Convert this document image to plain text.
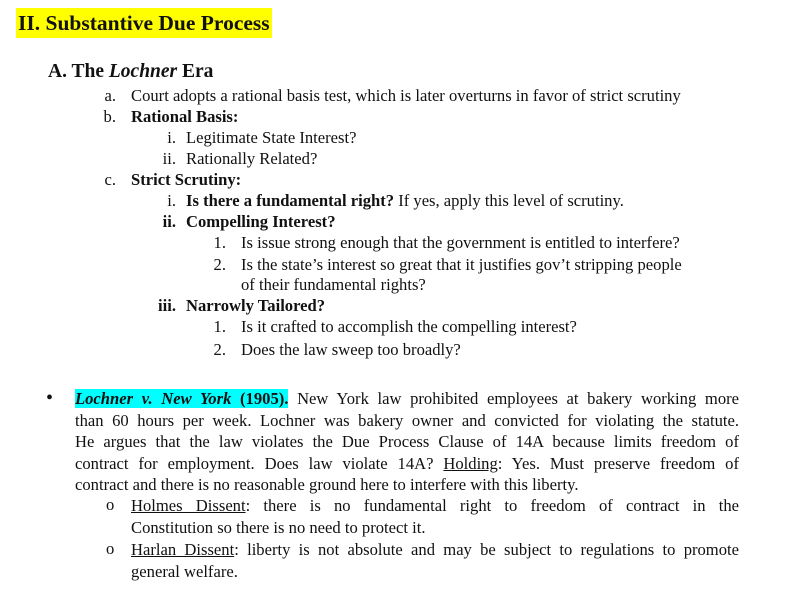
II. Substantive Due Process
A. The Lochner Era
a. Court adopts a rational basis test, which is later overturns in favor of strict scrutiny
b. Rational Basis:
i. Legitimate State Interest?
ii. Rationally Related?
c. Strict Scrutiny:
i. Is there a fundamental right? If yes, apply this level of scrutiny.
ii. Compelling Interest?
1. Is issue strong enough that the government is entitled to interfere?
2. Is the state’s interest so great that it justifies gov’t stripping people
of their fundamental rights?
iii. Narrowly Tailored?
1. Is it crafted to accomplish the compelling interest?
2. Does the law sweep too broadly?
• Lochner v. New York (1905). New York law prohibited employees at bakery working more
than 60 hours per week. Lochner was bakery owner and convicted for violating the statute.
He argues that the law violates the Due Process Clause of 14A because limits freedom of
contract for employment. Does law violate 14A? Holding: Yes. Must preserve freedom of
contract and there is no reasonable ground here to interfere with this liberty.
o Holmes Dissent: there is no fundamental right to freedom of contract in the
Constitution so there is no need to protect it.
o Harlan Dissent: liberty is not absolute and may be subject to regulations to promote
general welfare.
